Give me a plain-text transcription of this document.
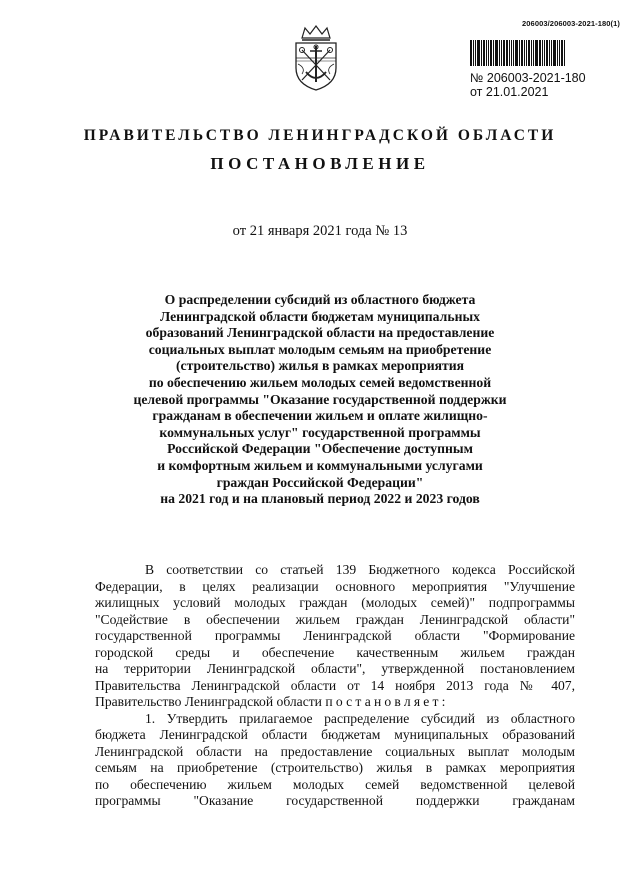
206003/206003-2021-180(1)
№ 206003-2021-180
от 21.01.2021
ПРАВИТЕЛЬСТВО ЛЕНИНГРАДСКОЙ ОБЛАСТИ
ПОСТАНОВЛЕНИЕ
от 21 января 2021 года № 13
О распределении субсидий из областного бюджета
Ленинградской области бюджетам муниципальных
образований Ленинградской области на предоставление
социальных выплат молодым семьям на приобретение
(строительство) жилья в рамках мероприятия
по обеспечению жильем молодых семей ведомственной
целевой программы "Оказание государственной поддержки
гражданам в обеспечении жильем и оплате жилищно-
коммунальных услуг" государственной программы
Российской Федерации "Обеспечение доступным
и комфортным жильем и коммунальными услугами
граждан Российской Федерации"
на 2021 год и на плановый период 2022 и 2023 годов
В соответствии со статьей 139 Бюджетного кодекса Российской
Федерации, в целях реализации основного мероприятия "Улучшение
жилищных условий молодых граждан (молодых семей)" подпрограммы
"Содействие в обеспечении жильем граждан Ленинградской области"
государственной программы Ленинградской области "Формирование
городской среды и обеспечение качественным жильем граждан
на территории Ленинградской области", утвержденной постановлением
Правительства Ленинградской области от 14 ноября 2013 года № 407,
Правительство Ленинградской области постановляет:
1. Утвердить прилагаемое распределение субсидий из областного
бюджета Ленинградской области бюджетам муниципальных образований
Ленинградской области на предоставление социальных выплат молодым
семьям на приобретение (строительство) жилья в рамках мероприятия
по обеспечению жильем молодых семей ведомственной целевой
программы "Оказание государственной поддержки гражданам
